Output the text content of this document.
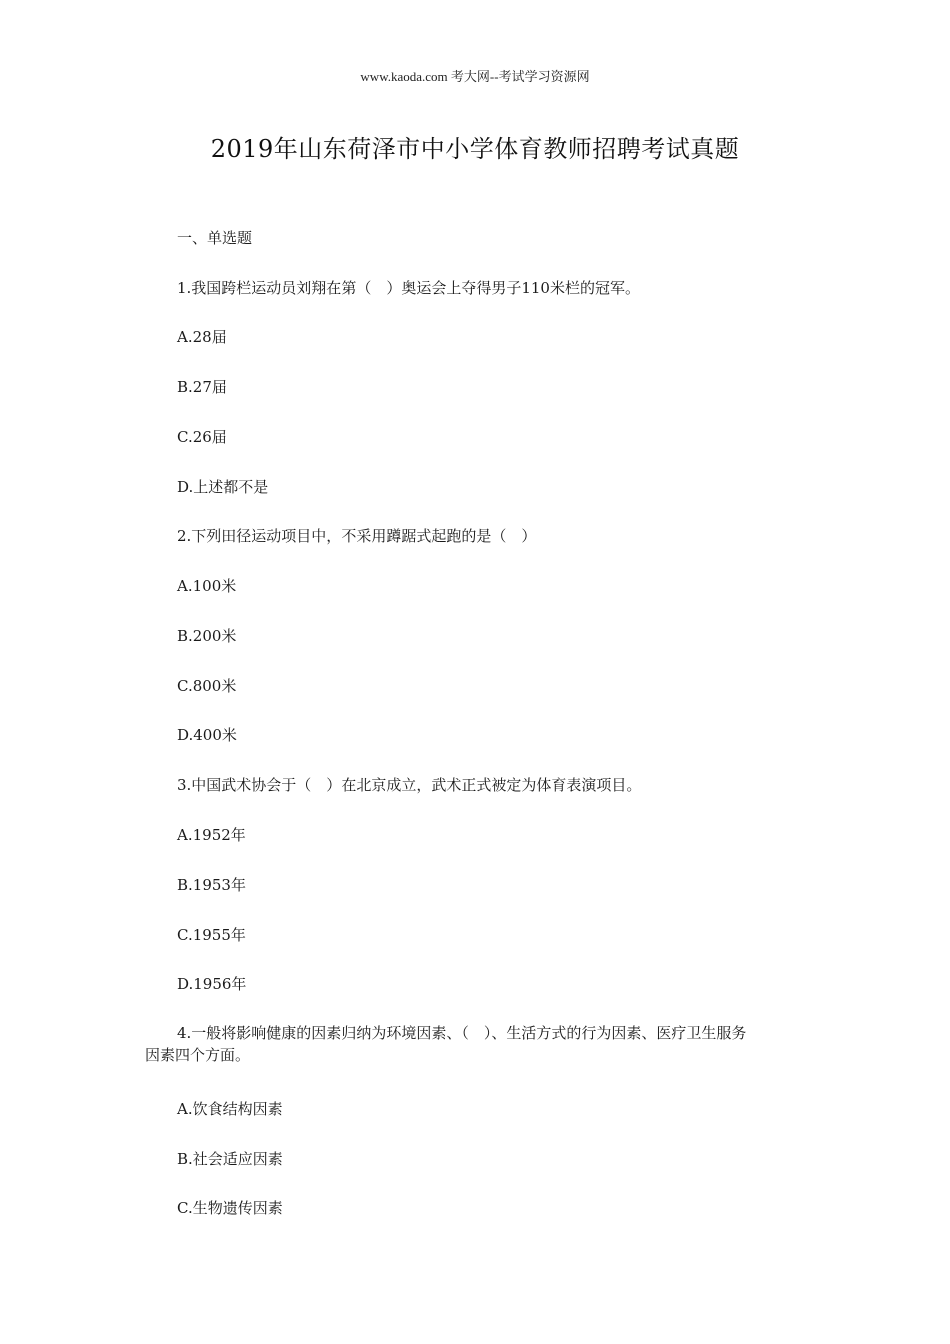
www.kaoda.com 考大网--考试学习资源网
2019年山东荷泽市中小学体育教师招聘考试真题
一、单选题
1.我国跨栏运动员刘翔在第（　）奥运会上夺得男子110米栏的冠军。
A.28届
B.27届
C.26届
D.上述都不是
2.下列田径运动项目中，不采用蹲踞式起跑的是（　）
A.100米
B.200米
C.800米
D.400米
3.中国武术协会于（　）在北京成立，武术正式被定为体育表演项目。
A.1952年
B.1953年
C.1955年
D.1956年
4.一般将影响健康的因素归纳为环境因素、（　）、生活方式的行为因素、医疗卫生服务
因素四个方面。
A.饮食结构因素
B.社会适应因素
C.生物遗传因素
